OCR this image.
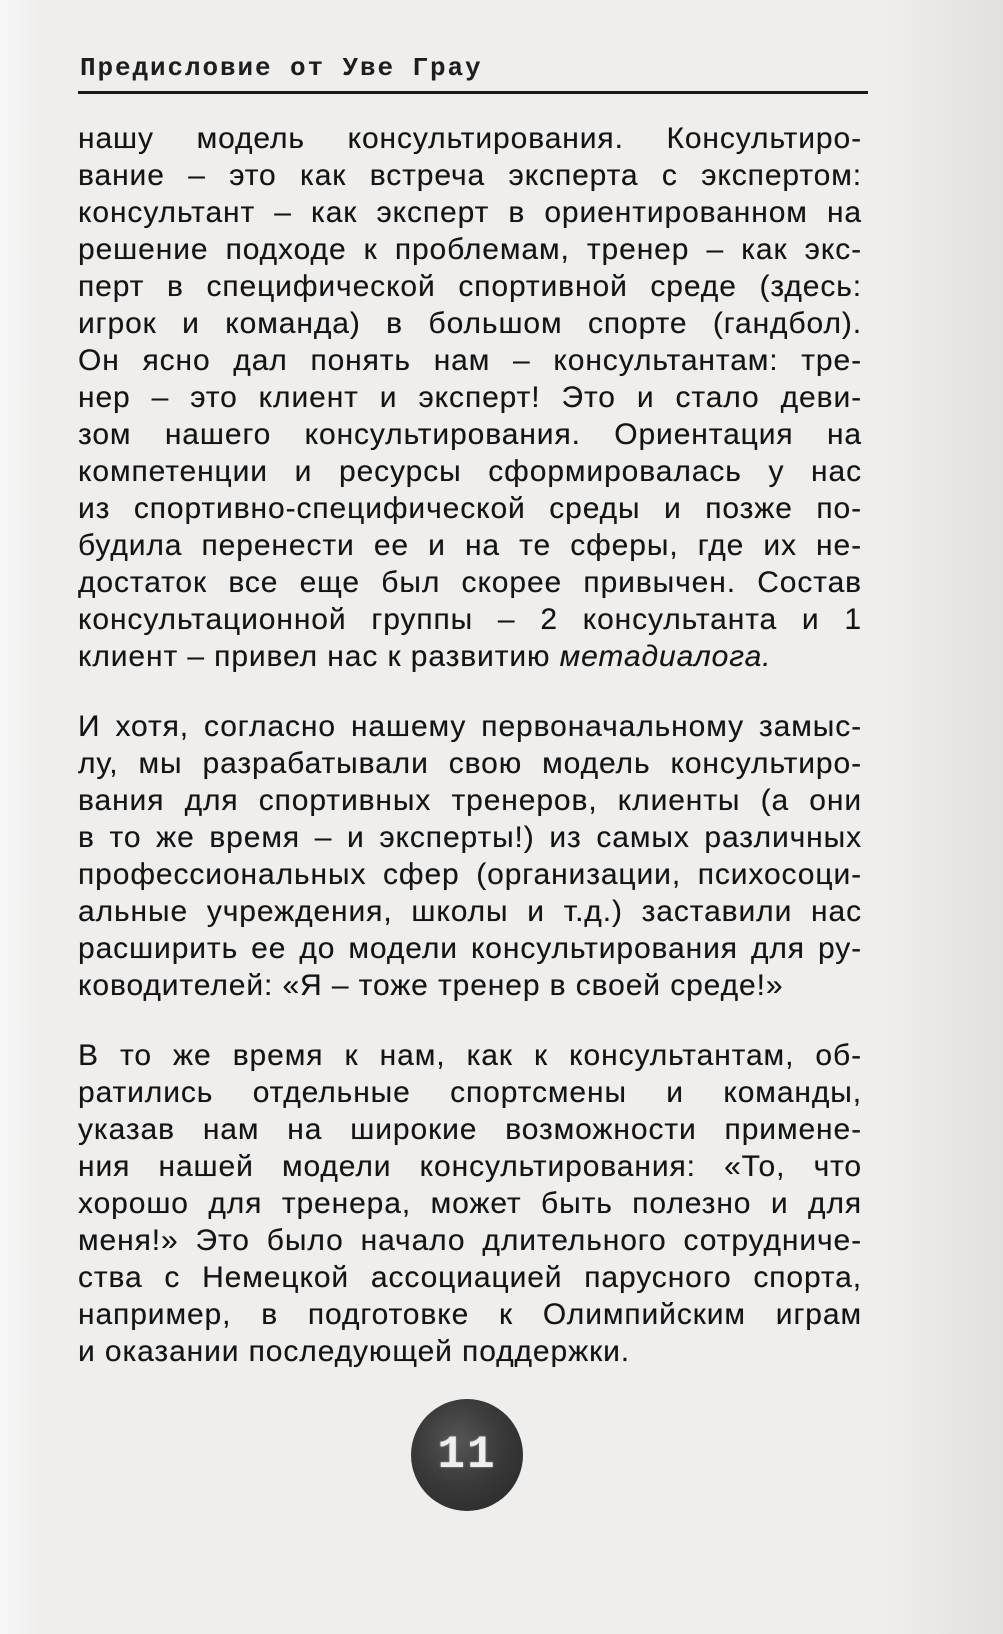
Предисловие от Уве Грау
нашу модель консультирования. Консультиро-
вание – это как встреча эксперта с экспертом:
консультант – как эксперт в ориентированном на
решение подходе к проблемам, тренер – как экс-
перт в специфической спортивной среде (здесь:
игрок и команда) в большом спорте (гандбол).
Он ясно дал понять нам – консультантам: тре-
нер – это клиент и эксперт! Это и стало деви-
зом нашего консультирования. Ориентация на
компетенции и ресурсы сформировалась у нас
из спортивно-специфической среды и позже по-
будила перенести ее и на те сферы, где их не-
достаток все еще был скорее привычен. Состав
консультационной группы – 2 консультанта и 1
клиент – привел нас к развитию метадиалога.
И хотя, согласно нашему первоначальному замыс-
лу, мы разрабатывали свою модель консультиро-
вания для спортивных тренеров, клиенты (а они
в то же время – и эксперты!) из самых различных
профессиональных сфер (организации, психосоци-
альные учреждения, школы и т.д.) заставили нас
расширить ее до модели консультирования для ру-
ководителей: «Я – тоже тренер в своей среде!»
В то же время к нам, как к консультантам, об-
ратились отдельные спортсмены и команды,
указав нам на широкие возможности примене-
ния нашей модели консультирования: «То, что
хорошо для тренера, может быть полезно и для
меня!» Это было начало длительного сотрудниче-
ства с Немецкой ассоциацией парусного спорта,
например, в подготовке к Олимпийским играм
и оказании последующей поддержки.
11
